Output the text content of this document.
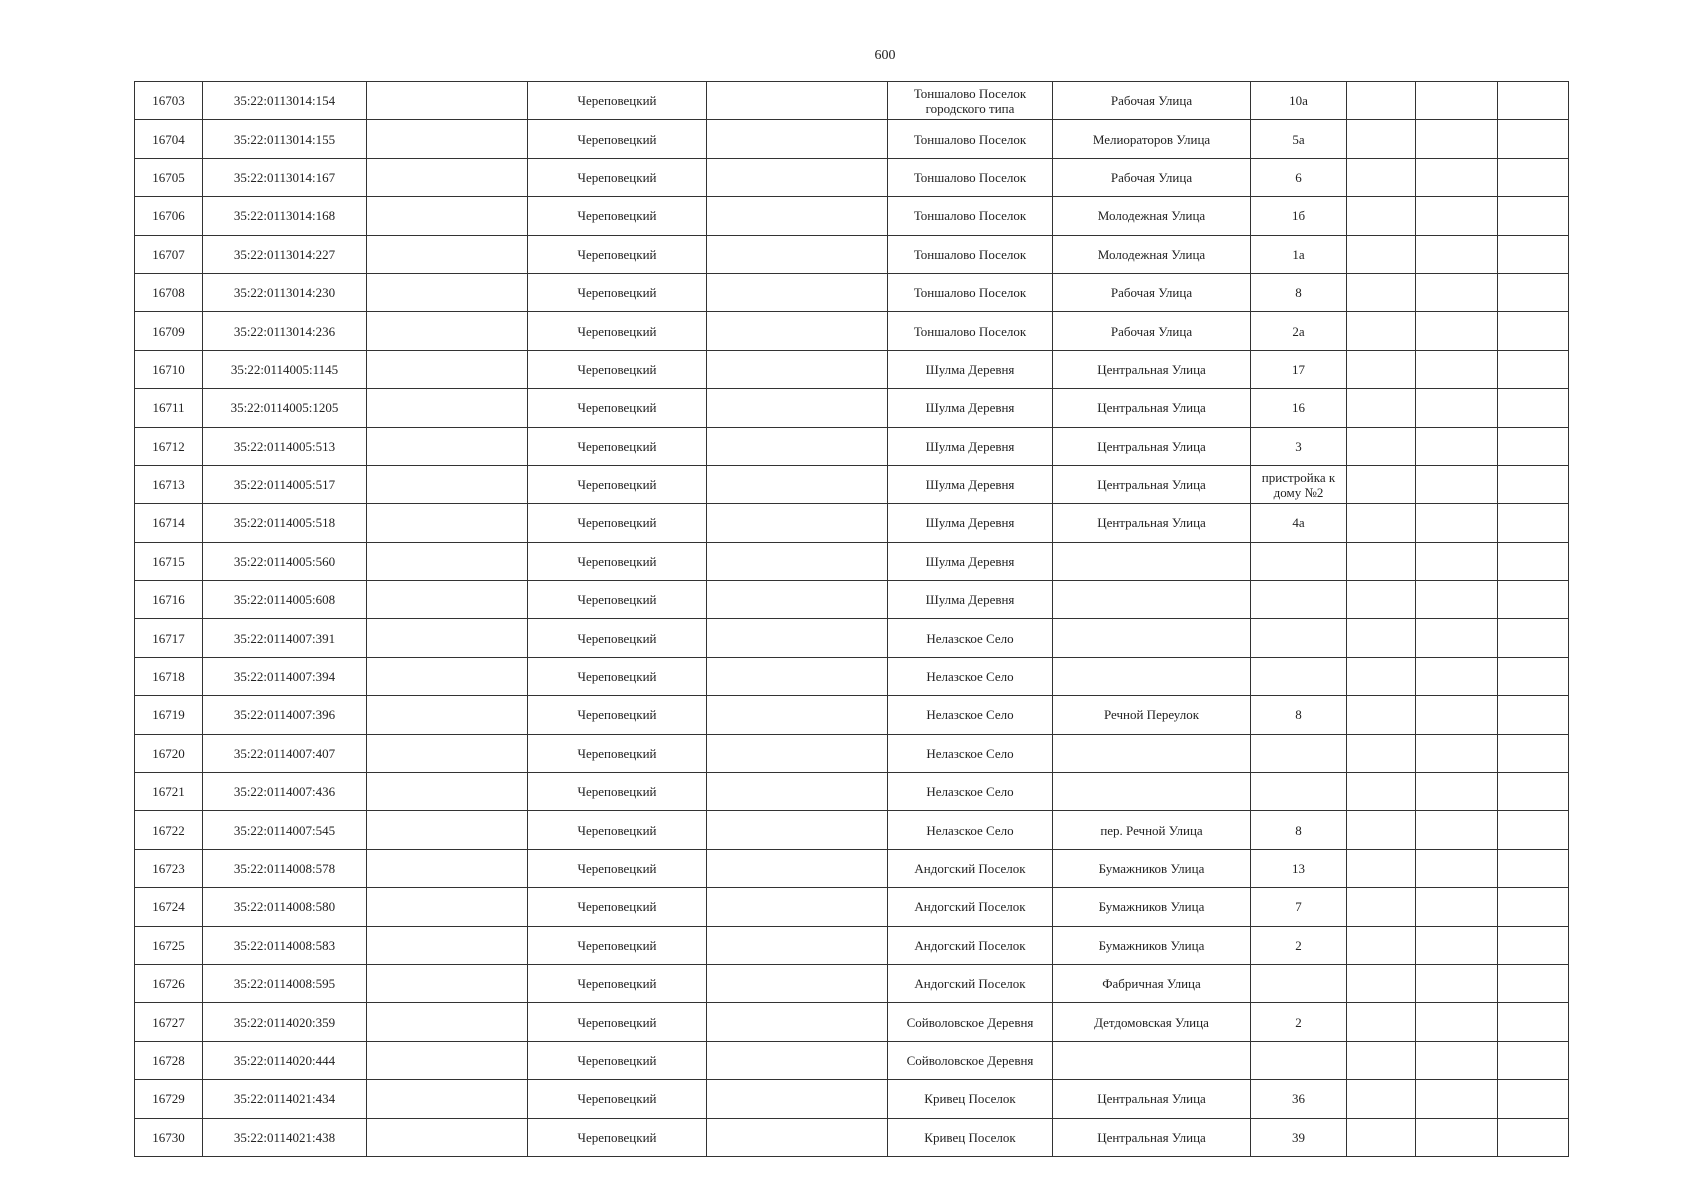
600
16703	35:22:0113014:154		Череповецкий		Тоншалово Поселок городского типа	Рабочая Улица	10а			
16704	35:22:0113014:155		Череповецкий		Тоншалово Поселок	Мелиораторов Улица	5а			
16705	35:22:0113014:167		Череповецкий		Тоншалово Поселок	Рабочая Улица	6			
16706	35:22:0113014:168		Череповецкий		Тоншалово Поселок	Молодежная Улица	1б			
16707	35:22:0113014:227		Череповецкий		Тоншалово Поселок	Молодежная Улица	1а			
16708	35:22:0113014:230		Череповецкий		Тоншалово Поселок	Рабочая Улица	8			
16709	35:22:0113014:236		Череповецкий		Тоншалово Поселок	Рабочая Улица	2а			
16710	35:22:0114005:1145		Череповецкий		Шулма Деревня	Центральная Улица	17			
16711	35:22:0114005:1205		Череповецкий		Шулма Деревня	Центральная Улица	16			
16712	35:22:0114005:513		Череповецкий		Шулма Деревня	Центральная Улица	3			
16713	35:22:0114005:517		Череповецкий		Шулма Деревня	Центральная Улица	пристройка к дому №2			
16714	35:22:0114005:518		Череповецкий		Шулма Деревня	Центральная Улица	4а			
16715	35:22:0114005:560		Череповецкий		Шулма Деревня					
16716	35:22:0114005:608		Череповецкий		Шулма Деревня					
16717	35:22:0114007:391		Череповецкий		Нелазское Село					
16718	35:22:0114007:394		Череповецкий		Нелазское Село					
16719	35:22:0114007:396		Череповецкий		Нелазское Село	Речной Переулок	8			
16720	35:22:0114007:407		Череповецкий		Нелазское Село					
16721	35:22:0114007:436		Череповецкий		Нелазское Село					
16722	35:22:0114007:545		Череповецкий		Нелазское Село	пер. Речной Улица	8			
16723	35:22:0114008:578		Череповецкий		Андогский Поселок	Бумажников Улица	13			
16724	35:22:0114008:580		Череповецкий		Андогский Поселок	Бумажников Улица	7			
16725	35:22:0114008:583		Череповецкий		Андогский Поселок	Бумажников Улица	2			
16726	35:22:0114008:595		Череповецкий		Андогский Поселок	Фабричная Улица				
16727	35:22:0114020:359		Череповецкий		Сойволовское Деревня	Детдомовская Улица	2			
16728	35:22:0114020:444		Череповецкий		Сойволовское Деревня					
16729	35:22:0114021:434		Череповецкий		Кривец Поселок	Центральная Улица	36			
16730	35:22:0114021:438		Череповецкий		Кривец Поселок	Центральная Улица	39			
